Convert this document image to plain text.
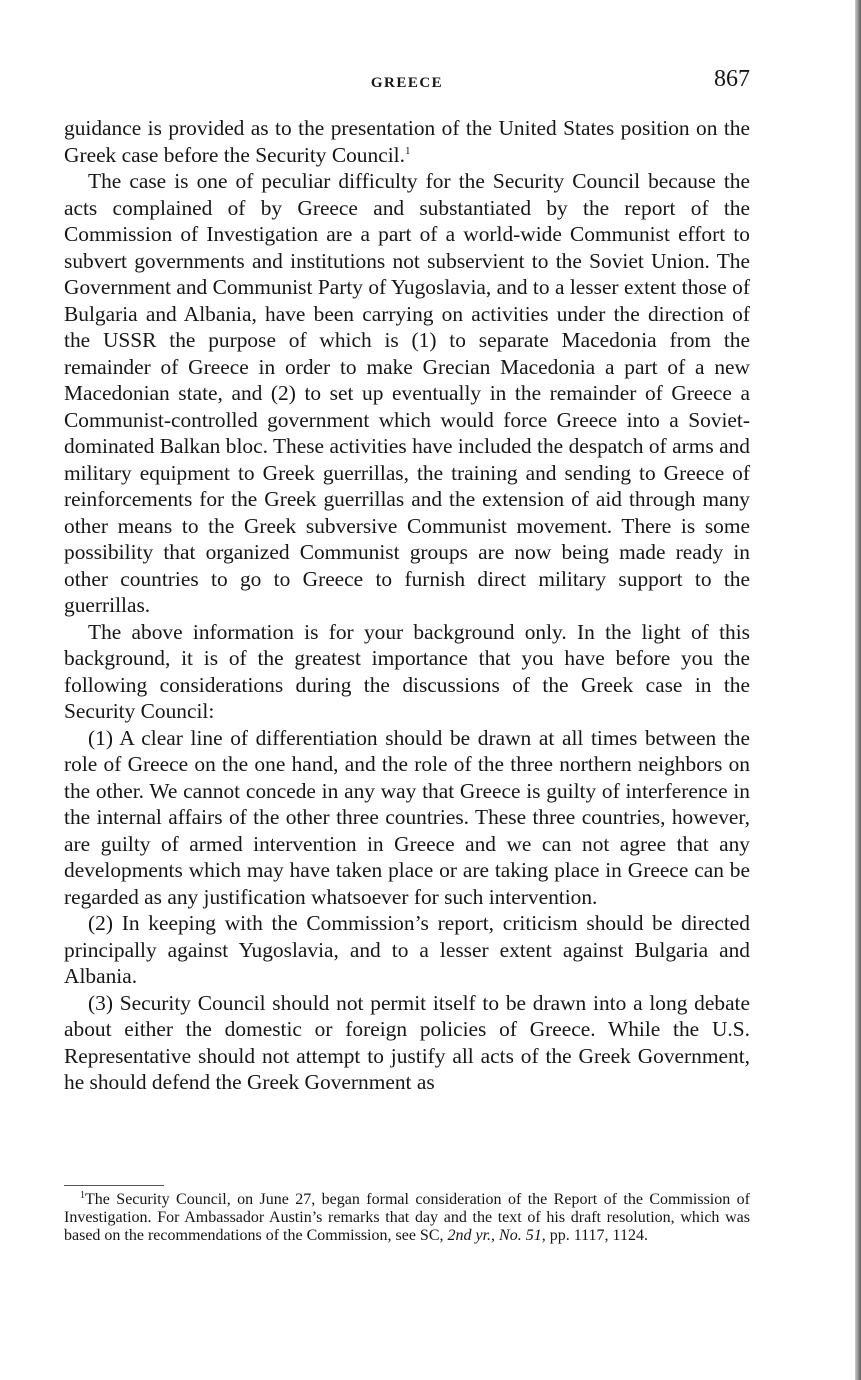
GREECE	867

guidance is provided as to the presentation of the United States position on the Greek case before the Security Council.$^1$

The case is one of peculiar difficulty for the Security Council because the acts complained of by Greece and substantiated by the report of the Commission of Investigation are a part of a world-wide Communist effort to subvert governments and institutions not subservient to the Soviet Union. The Government and Communist Party of Yugoslavia, and to a lesser extent those of Bulgaria and Albania, have been carrying on activities under the direction of the USSR the purpose of which is (1) to separate Macedonia from the remainder of Greece in order to make Grecian Macedonia a part of a new Macedonian state, and (2) to set up eventually in the remainder of Greece a Communist-controlled government which would force Greece into a Soviet-dominated Balkan bloc. These activities have included the despatch of arms and military equipment to Greek guerrillas, the training and sending to Greece of reinforcements for the Greek guerrillas and the extension of aid through many other means to the Greek subversive Communist movement. There is some possibility that organized Communist groups are now being made ready in other countries to go to Greece to furnish direct military support to the guerrillas.

The above information is for your background only. In the light of this background, it is of the greatest importance that you have before you the following considerations during the discussions of the Greek case in the Security Council:

(1) A clear line of differentiation should be drawn at all times between the role of Greece on the one hand, and the role of the three northern neighbors on the other. We cannot concede in any way that Greece is guilty of interference in the internal affairs of the other three countries. These three countries, however, are guilty of armed intervention in Greece and we can not agree that any developments which may have taken place or are taking place in Greece can be regarded as any justification whatsoever for such intervention.

(2) In keeping with the Commission’s report, criticism should be directed principally against Yugoslavia, and to a lesser extent against Bulgaria and Albania.

(3) Security Council should not permit itself to be drawn into a long debate about either the domestic or foreign policies of Greece. While the U.S. Representative should not attempt to justify all acts of the Greek Government, he should defend the Greek Government as

$^1$The Security Council, on June 27, began formal consideration of the Report of the Commission of Investigation. For Ambassador Austin’s remarks that day and the text of his draft resolution, which was based on the recommendations of the Commission, see SC, 2nd yr., No. 51, pp. 1117, 1124.
